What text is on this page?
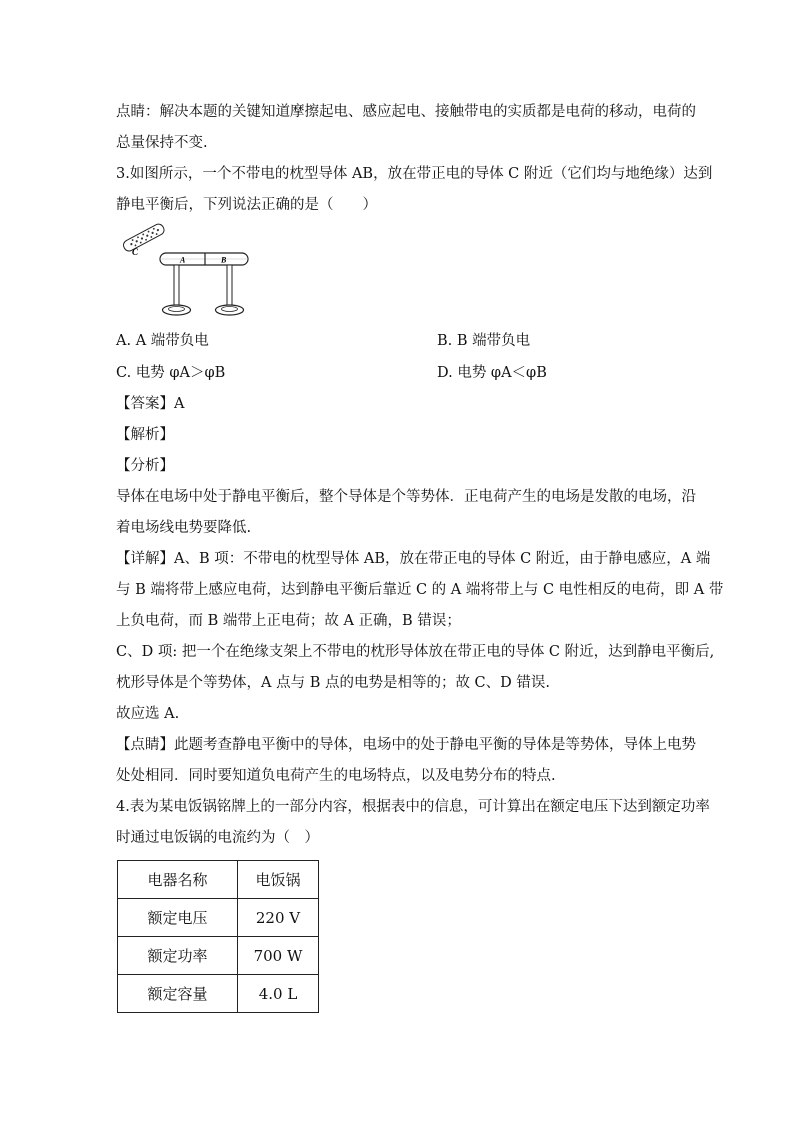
点睛：解决本题的关键知道摩擦起电、感应起电、接触带电的实质都是电荷的移动，电荷的
总量保持不变.
3.如图所示，一个不带电的枕型导体 AB，放在带正电的导体 C 附近（它们均与地绝缘）达到
静电平衡后，下列说法正确的是（　　）
C
A	B
A. A 端带负电	B. B 端带负电
C. 电势 φA＞φB	D. 电势 φA＜φB
【答案】A
【解析】
【分析】
导体在电场中处于静电平衡后，整个导体是个等势体．正电荷产生的电场是发散的电场，沿
着电场线电势要降低.
【详解】A、B 项：不带电的枕型导体 AB，放在带正电的导体 C 附近，由于静电感应，A 端
与 B 端将带上感应电荷，达到静电平衡后靠近 C 的 A 端将带上与 C 电性相反的电荷，即 A 带
上负电荷，而 B 端带上正电荷；故 A 正确，B 错误；
C、D 项: 把一个在绝缘支架上不带电的枕形导体放在带正电的导体 C 附近，达到静电平衡后,
枕形导体是个等势体，A 点与 B 点的电势是相等的；故 C、D 错误.
故应选 A.
【点睛】此题考查静电平衡中的导体，电场中的处于静电平衡的导体是等势体，导体上电势
处处相同．同时要知道负电荷产生的电场特点，以及电势分布的特点.
4.表为某电饭锅铭牌上的一部分内容，根据表中的信息，可计算出在额定电压下达到额定功率
时通过电饭锅的电流约为（　）
电器名称	电饭锅
额定电压	220 V
额定功率	700 W
额定容量	4.0 L
